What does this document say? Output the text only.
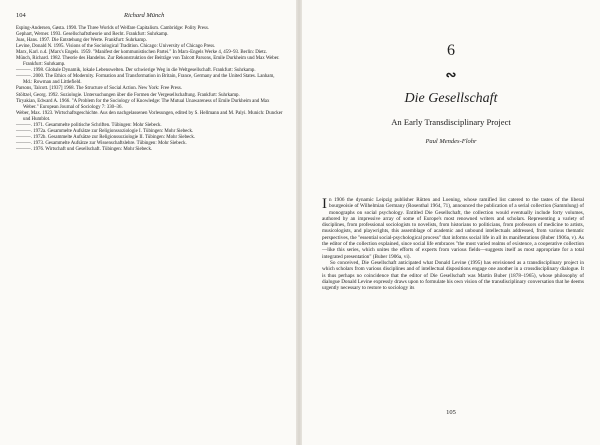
104	Richard Münch

Esping-Andersen, Gøsta. 1990. The Three Worlds of Welfare Capitalism. Cambridge: Polity Press.

Gephart, Werner. 1993. Gesellschaftstheorie und Recht. Frankfurt: Suhrkamp.

Joas, Hans. 1997. Die Entstehung der Werte. Frankfurt: Suhrkamp.

Levine, Donald N. 1995. Visions of the Sociological Tradition. Chicago: University of Chicago Press.

Marx, Karl. n.d. [Marx's Engels. 1959. "Manifest der kommunistischen Partei." In Marx-Engels Werke 4, 459–93. Berlin: Dietz.

Münch, Richard. 1982. Theorie des Handelns. Zur Rekonstruktion der Beiträge von Talcott Parsons, Emile Durkheim und Max Weber. Frankfurt: Suhrkamp.

———. 1998. Globale Dynamik, lokale Lebenswelten. Der schwierige Weg in die Weltgesellschaft. Frankfurt: Suhrkamp.

———. 2000. The Ethics of Modernity. Formation and Transformation in Britain, France, Germany and the United States. Lanham, Md.: Rowman and Littlefield.

Parsons, Talcott. [1937] 1968. The Structure of Social Action. New York: Free Press.

Stöltzel, Georg. 1992. Soziologie. Untersuchungen über die Formen der Vergesellschaftung. Frankfurt: Suhrkamp.

Tiryakian, Edward A. 1966. "A Problem for the Sociology of Knowledge: The Mutual Unawareness of Emile Durkheim and Max Weber." European Journal of Sociology 7: 330–36.

Weber, Max. 1923. Wirtschaftsgeschichte. Aus den nachgelassenen Vorlesungen, edited by S. Hellmann and M. Palyi. Munich: Duncker und Humblot.

———. 1971. Gesammelte politische Schriften. Tübingen: Mohr Siebeck.

———. 1972a. Gesammelte Aufsätze zur Religionssoziologie I. Tübingen: Mohr Siebeck.

———. 1972b. Gesammelte Aufsätze zur Religionssoziologie II. Tübingen: Mohr Siebeck.

———. 1973. Gesammelte Aufsätze zur Wissenschaftslehre. Tübingen: Mohr Siebeck.

———. 1976. Wirtschaft und Gesellschaft. Tübingen: Mohr Siebeck.

6
∾
Die Gesellschaft
An Early Transdisciplinary Project
Paul Mendes-Flohr

In 1906 the dynamic Leipzig publisher Rütten and Loening, whose ramified list catered to the tastes of the liberal bourgeoisie of Wilhelmian Germany (Rosenthal 1964, 71), announced the publication of a serial collection (Sammlung) of monographs on social psychology. Entitled Die Gesellschaft, the collection would eventually include forty volumes, authored by an impressive array of some of Europe's most renowned writers and scholars. Representing a variety of disciplines, from professional sociologists to novelists, from historians to politicians, from professors of medicine to artists, musicologists, and playwrights, this assemblage of academic and unbound intellectuals addressed, from various thematic perspectives, the "essential social-psychological process" that informs social life in all its manifestations (Buber 1906a, v). As the editor of the collection explained, since social life embraces "the most varied realms of existence, a cooperative collection—like this series, which unites the efforts of experts from various fields—suggests itself as most appropriate for a total integrated presentation" (Buber 1906a, vi).

So conceived, Die Gesellschaft anticipated what Donald Levine (1995) has envisioned as a transdisciplinary project in which scholars from various disciplines and of intellectual dispositions engage one another in a crossdisciplinary dialogue. It is thus perhaps no coincidence that the editor of Die Gesellschaft was Martin Buber (1878–1965), whose philosophy of dialogue Donald Levine expressly draws upon to formulate his own vision of the transdisciplinary conversation that he deems urgently necessary to restore to sociology its

105
